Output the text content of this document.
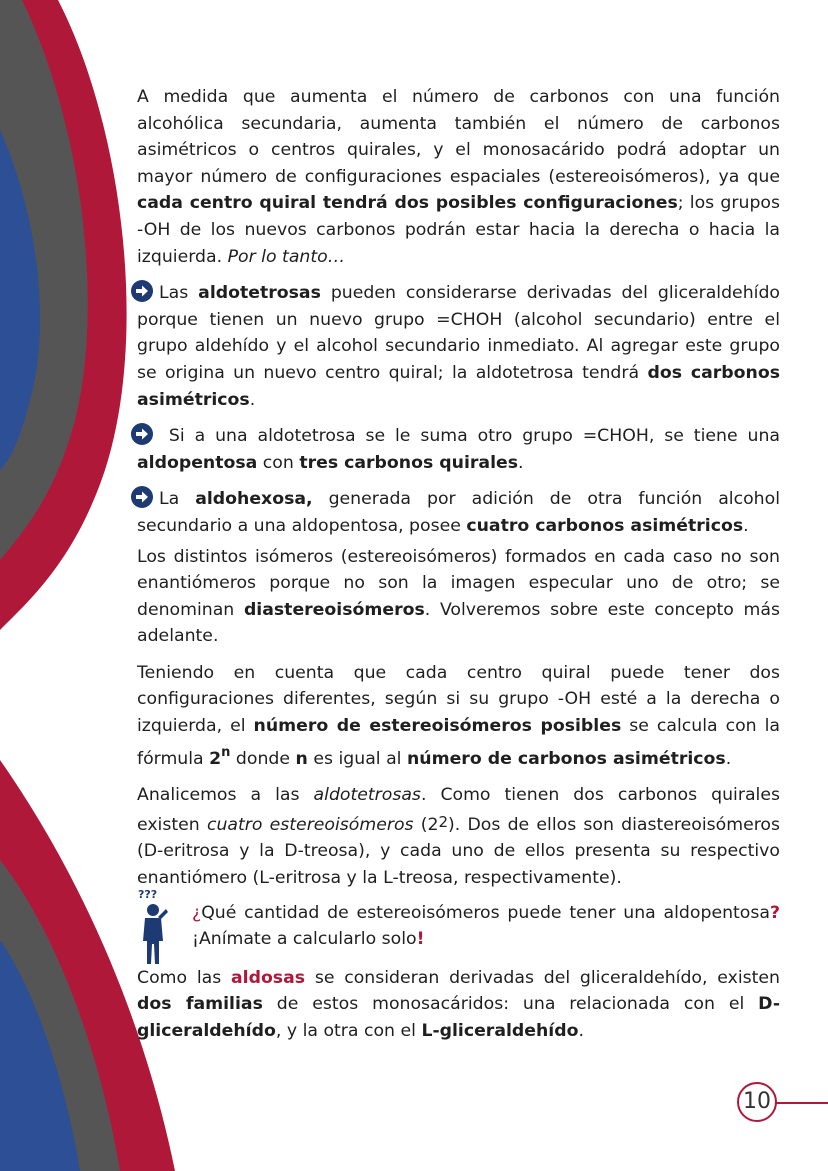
A medida que aumenta el número de carbonos con una función alcohólica secundaria, aumenta también el número de carbonos asimétricos o centros quirales, y el monosacárido podrá adoptar un mayor número de configuraciones espaciales (estereoisómeros), ya que cada centro quiral tendrá dos posibles configuraciones; los grupos -OH de los nuevos carbonos podrán estar hacia la derecha o hacia la izquierda. Por lo tanto…

Las aldotetrosas pueden considerarse derivadas del gliceraldehído porque tienen un nuevo grupo =CHOH (alcohol secundario) entre el grupo aldehído y el alcohol secundario inmediato. Al agregar este grupo se origina un nuevo centro quiral; la aldotetrosa tendrá dos carbonos asimétricos.

Si a una aldotetrosa se le suma otro grupo =CHOH, se tiene una aldopentosa con tres carbonos quirales.

La aldohexosa, generada por adición de otra función alcohol secundario a una aldopentosa, posee cuatro carbonos asimétricos.

Los distintos isómeros (estereoisómeros) formados en cada caso no son enantiómeros porque no son la imagen especular uno de otro; se denominan diastereoisómeros. Volveremos sobre este concepto más adelante.

Teniendo en cuenta que cada centro quiral puede tener dos configuraciones diferentes, según si su grupo -OH esté a la derecha o izquierda, el número de estereoisómeros posibles se calcula con la fórmula 2$^n$ donde n es igual al número de carbonos asimétricos.

Analicemos a las aldotetrosas. Como tienen dos carbonos quirales existen cuatro estereoisómeros (22). Dos de ellos son diastereoisómeros (D-eritrosa y la D-treosa), y cada uno de ellos presenta su respectivo enantiómero (L-eritrosa y la L-treosa, respectivamente).

???
¿Qué cantidad de estereoisómeros puede tener una aldopentosa? ¡Anímate a calcularlo solo!

Como las aldosas se consideran derivadas del gliceraldehído, existen dos familias de estos monosacáridos: una relacionada con el D-gliceraldehído, y la otra con el L-gliceraldehído.

10
